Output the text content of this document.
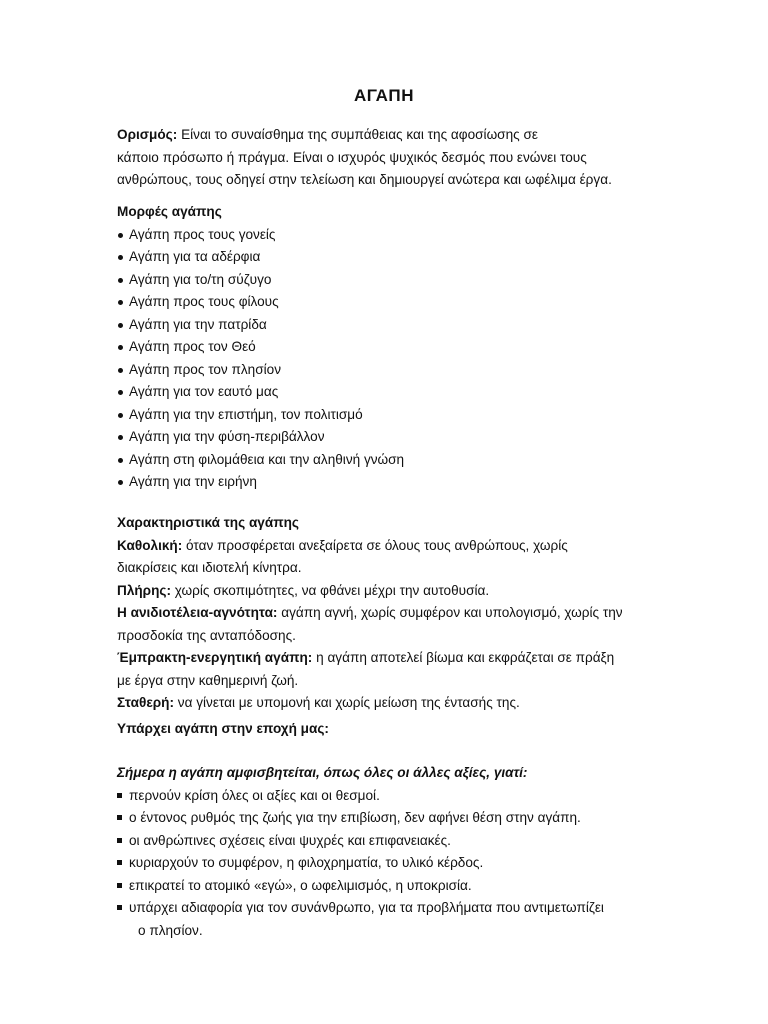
ΑΓΑΠΗ
Ορισμός: Είναι το συναίσθημα της συμπάθειας και της αφοσίωσης σε
κάποιο πρόσωπο ή πράγμα. Είναι ο ισχυρός ψυχικός δεσμός που ενώνει τους
ανθρώπους, τους οδηγεί στην τελείωση και δημιουργεί ανώτερα και ωφέλιμα έργα.
Μορφές αγάπης
Αγάπη προς τους γονείς
Αγάπη για τα αδέρφια
Αγάπη για το/τη σύζυγο
Αγάπη προς τους φίλους
Αγάπη για την πατρίδα
Αγάπη προς τον Θεό
Αγάπη προς τον πλησίον
Αγάπη για τον εαυτό μας
Αγάπη για την επιστήμη, τον πολιτισμό
Αγάπη για την φύση-περιβάλλον
Αγάπη στη φιλομάθεια και την αληθινή γνώση
Αγάπη για την ειρήνη
Χαρακτηριστικά της αγάπης
Καθολική: όταν προσφέρεται ανεξαίρετα σε όλους τους ανθρώπους, χωρίς
διακρίσεις και ιδιοτελή κίνητρα.
Πλήρης: χωρίς σκοπιμότητες, να φθάνει μέχρι την αυτοθυσία.
Η ανιδιοτέλεια-αγνότητα: αγάπη αγνή, χωρίς συμφέρον και υπολογισμό, χωρίς την
προσδοκία της ανταπόδοσης.
Έμπρακτη-ενεργητική αγάπη: η αγάπη αποτελεί βίωμα και εκφράζεται σε πράξη
με έργα στην καθημερινή ζωή.
Σταθερή: να γίνεται με υπομονή και χωρίς μείωση της έντασής της.
Υπάρχει αγάπη στην εποχή μας:
Σήμερα η αγάπη αμφισβητείται, όπως όλες οι άλλες αξίες, γιατί:
περνούν κρίση όλες οι αξίες και οι θεσμοί.
ο έντονος ρυθμός της ζωής για την επιβίωση, δεν αφήνει θέση στην αγάπη.
οι ανθρώπινες σχέσεις είναι ψυχρές και επιφανειακές.
κυριαρχούν το συμφέρον, η φιλοχρηματία, το υλικό κέρδος.
επικρατεί το ατομικό «εγώ», ο ωφελιμισμός, η υποκρισία.
υπάρχει αδιαφορία για τον συνάνθρωπο, για τα προβλήματα που αντιμετωπίζει
ο πλησίον.
